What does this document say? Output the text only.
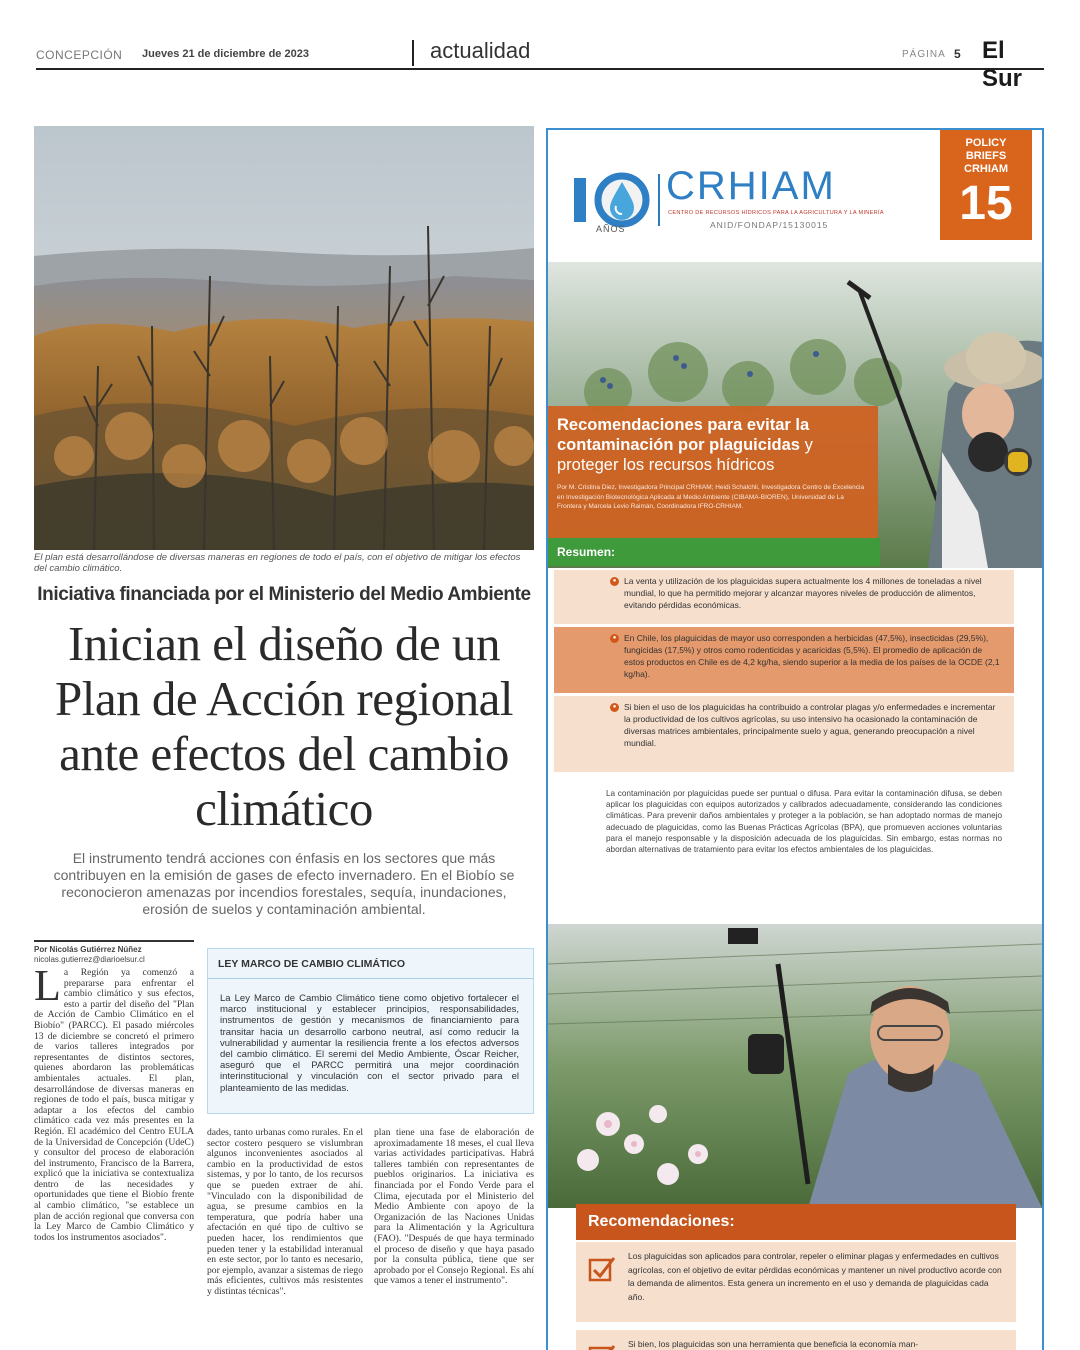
CONCEPCIÓN Jueves 21 de diciembre de 2023	actualidad	PÁGINA 5 El Sur
El plan está desarrollándose de diversas maneras en regiones de todo el país, con el objetivo de mitigar los efectos del cambio climático.
Iniciativa financiada por el Ministerio del Medio Ambiente
Inician el diseño de un Plan de Acción regional ante efectos del cambio climático
El instrumento tendrá acciones con énfasis en los sectores que más contribuyen en la emisión de gases de efecto invernadero. En el Biobío se reconocieron amenazas por incendios forestales, sequía, inundaciones, erosión de suelos y contaminación ambiental.
Por Nicolás Gutiérrez Núñez
nicolas.gutierrez@diarioelsur.cl
L a Región ya comenzó a prepararse para enfrentar el cambio climático y sus efectos, esto a partir del diseño del "Plan de Acción de Cambio Climático en el Biobío" (PARCC). El pasado miércoles 13 de diciembre se concretó el primero de varios talleres integrados por representantes de distintos sectores, quienes abordaron las problemáticas ambientales actuales. El plan, desarrollándose de diversas maneras en regiones de todo el país, busca mitigar y adaptar a los efectos del cambio climático cada vez más presentes en la Región. El académico del Centro EULA de la Universidad de Concepción (UdeC) y consultor del proceso de elaboración del instrumento, Francisco de la Barrera, explicó que la iniciativa se contextualiza dentro de las necesidades y oportunidades que tiene el Biobío frente al cambio climático, "se establece un plan de acción regional que conversa con la Ley Marco de Cambio Climático y todos los instrumentos asociados".
LEY MARCO DE CAMBIO CLIMÁTICO
La Ley Marco de Cambio Climático tiene como objetivo fortalecer el marco institucional y establecer principios, responsabilidades, instrumentos de gestión y mecanismos de financiamiento para transitar hacia un desarrollo carbono neutral, así como reducir la vulnerabilidad y aumentar la resiliencia frente a los efectos adversos del cambio climático. El seremi del Medio Ambiente, Óscar Reicher, aseguró que el PARCC permitirá una mejor coordinación interinstitucional y vinculación con el sector privado para el planteamiento de las medidas.
dades, tanto urbanas como rurales. En el sector costero pesquero se vislumbran algunos inconvenientes asociados al cambio en la productividad de estos sistemas, y por lo tanto, de los recursos que se pueden extraer de ahí. "Vinculado con la disponibilidad de agua, se presume cambios en la temperatura, que podría haber una afectación en qué tipo de cultivo se pueden hacer, los rendimientos que pueden tener y la estabilidad interanual en este sector, por lo tanto es necesario, por ejemplo, avanzar a sistemas de riego más eficientes, cultivos más resistentes y distintas técnicas".
plan tiene una fase de elaboración de aproximadamente 18 meses, el cual lleva varias actividades participativas. Habrá talleres también con representantes de pueblos originarios. La iniciativa es financiada por el Fondo Verde para el Clima, ejecutada por el Ministerio del Medio Ambiente con apoyo de la Organización de las Naciones Unidas para la Alimentación y la Agricultura (FAO). "Después de que haya terminado el proceso de diseño y que haya pasado por la consulta pública, tiene que ser aprobado por el Consejo Regional. Es ahí que vamos a tener el instrumento".
AÑOS
CRHIAM
CENTRO DE RECURSOS HÍDRICOS PARA LA AGRICULTURA Y LA MINERÍA
ANID/FONDAP/15130015
POLICY BRIEFS CRHIAM
15
Recomendaciones para evitar la contaminación por plaguicidas y proteger los recursos hídricos
Por M. Cristina Diez, Investigadora Principal CRHIAM; Heidi Schalchli, Investigadora Centro de Excelencia en Investigación Biotecnológica Aplicada al Medio Ambiente (CIBAMA-BIOREN), Universidad de La Frontera y Marcela Levio Raimán, Coordinadora IFRO-CRHIAM.
Resumen:
● La venta y utilización de los plaguicidas supera actualmente los 4 millones de toneladas a nivel mundial, lo que ha permitido mejorar y alcanzar mayores niveles de producción de alimentos, evitando pérdidas económicas.
● En Chile, los plaguicidas de mayor uso corresponden a herbicidas (47,5%), insecticidas (29,5%), fungicidas (17,5%) y otros como rodenticidas y acaricidas (5,5%). El promedio de aplicación de estos productos en Chile es de 4,2 kg/ha, siendo superior a la media de los países de la OCDE (2,1 kg/ha).
● Si bien el uso de los plaguicidas ha contribuido a controlar plagas y/o enfermedades e incrementar la productividad de los cultivos agrícolas, su uso intensivo ha ocasionado la contaminación de diversas matrices ambientales, principalmente suelo y agua, generando preocupación a nivel mundial.
La contaminación por plaguicidas puede ser puntual o difusa. Para evitar la contaminación difusa, se deben aplicar los plaguicidas con equipos autorizados y calibrados adecuadamente, considerando las condiciones climáticas. Para prevenir daños ambientales y proteger a la población, se han adoptado normas de manejo adecuado de plaguicidas, como las Buenas Prácticas Agrícolas (BPA), que promueven acciones voluntarias para el manejo responsable y la disposición adecuada de los plaguicidas. Sin embargo, estas normas no abordan alternativas de tratamiento para evitar los efectos ambientales de los plaguicidas.
Recomendaciones:
Los plaguicidas son aplicados para controlar, repeler o eliminar plagas y enfermedades en cultivos agrícolas, con el objetivo de evitar pérdidas económicas y mantener un nivel productivo acorde con la demanda de alimentos. Esta genera un incremento en el uso y demanda de plaguicidas cada año.
Si bien, los plaguicidas son una herramienta que beneficia la economía man-
